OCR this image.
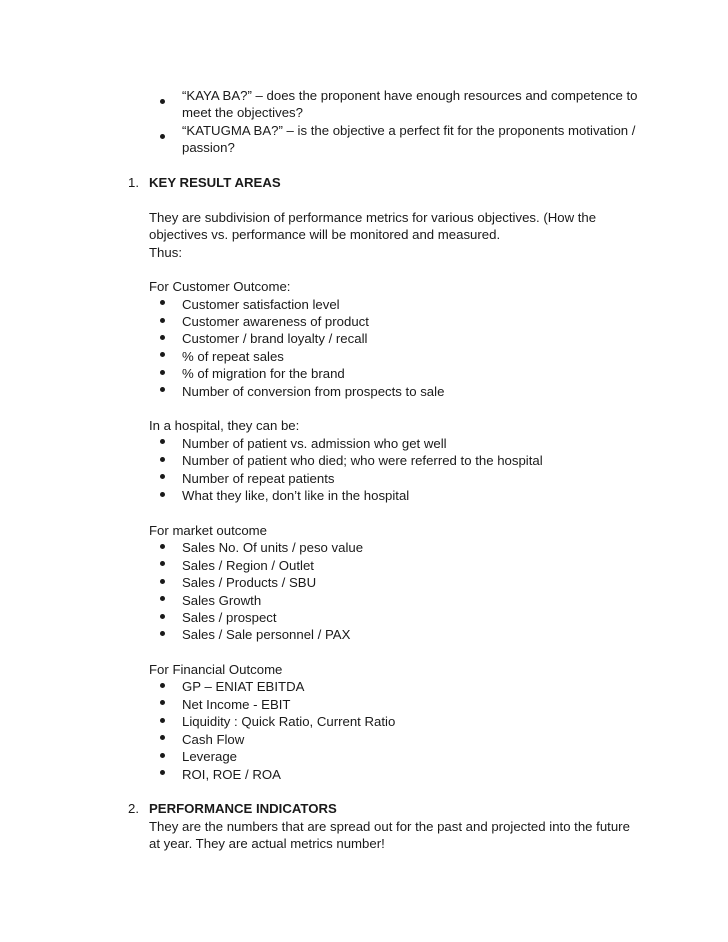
“KAYA BA?” – does the proponent have enough resources and competence to
meet the objectives?
“KATUGMA BA?” – is the objective a perfect fit for the proponents motivation /
passion?
1. KEY RESULT AREAS
They are subdivision of performance metrics for various objectives. (How the
objectives vs. performance will be monitored and measured.
Thus:
For Customer Outcome:
Customer satisfaction level
Customer awareness of product
Customer / brand loyalty / recall
% of repeat sales
% of migration for the brand
Number of conversion from prospects to sale
In a hospital, they can be:
Number of patient vs. admission who get well
Number of patient who died; who were referred to the hospital
Number of repeat patients
What they like, don’t like in the hospital
For market outcome
Sales No. Of units / peso value
Sales / Region / Outlet
Sales / Products / SBU
Sales Growth
Sales / prospect
Sales / Sale personnel / PAX
For Financial Outcome
GP – ENIAT EBITDA
Net Income - EBIT
Liquidity : Quick Ratio, Current Ratio
Cash Flow
Leverage
ROI, ROE / ROA
2. PERFORMANCE INDICATORS
They are the numbers that are spread out for the past and projected into the future
at year. They are actual metrics number!
